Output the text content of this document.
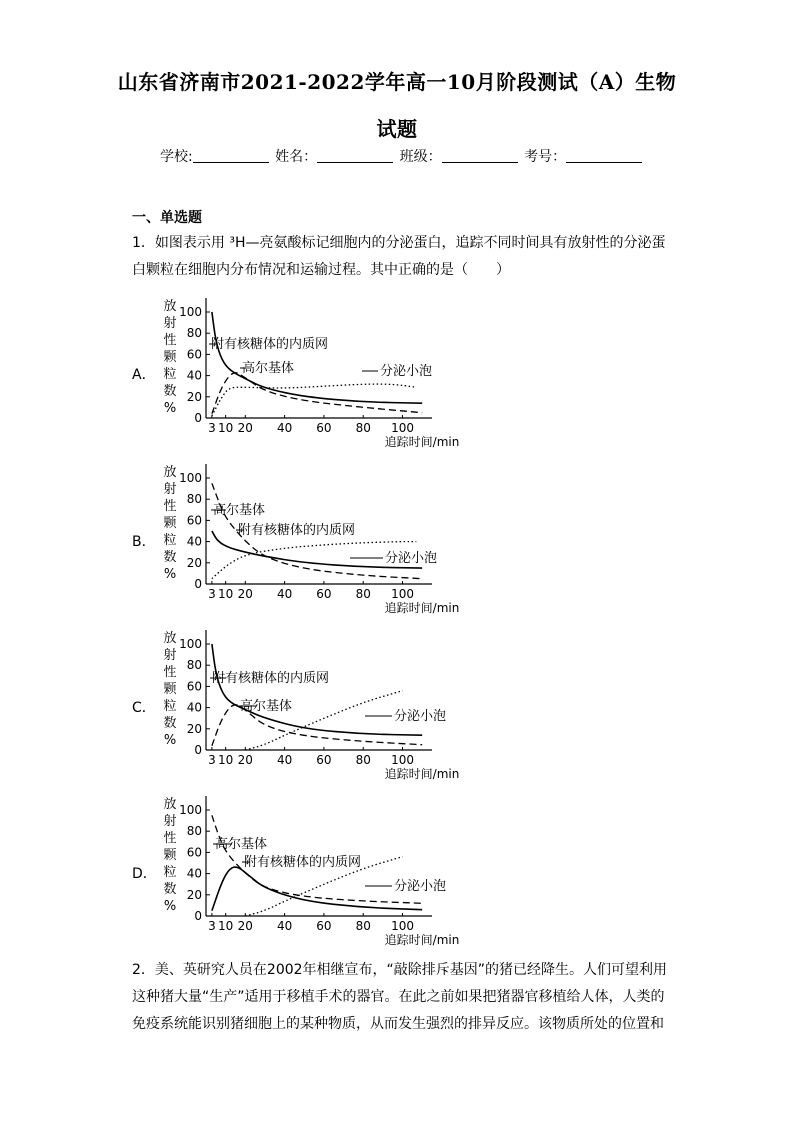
山东省济南市2021-2022学年高一10月阶段测试（A）生物
试题
学校:	姓名：	班级：	考号：
一、单选题

1．如图表示用 ³H—亮氨酸标记细胞内的分泌蛋白，追踪不同时间具有放射性的分泌蛋

白颗粒在细胞内分布情况和运输过程。其中正确的是（　　）

A．
放
射
性
颗
粒
数
%
100
80
60
40
20
0
3 10 20 40 60 80 100
追踪时间/min
附有核糖体的内质网
高尔基体	分泌小泡
B．
放
射
性
颗
粒
数
%
100
80
60
40
20
0
3 10 20 40 60 80 100
追踪时间/min
高尔基体
附有核糖体的内质网
分泌小泡
C．
放
射
性
颗
粒
数
%
100
80
60
40
20
0
3 10 20 40 60 80 100
追踪时间/min
附有核糖体的内质网
高尔基体
分泌小泡
D．
放
射
性
颗
粒
数
%
100
80
60
40
20
0
3 10 20 40 60 80 100
追踪时间/min
高尔基体
附有核糖体的内质网
分泌小泡

2．美、英研究人员在2002年相继宣布，“敲除排斥基因”的猪已经降生。人们可望利用

这种猪大量“生产”适用于移植手术的器官。在此之前如果把猪器官移植给人体，人类的

免疫系统能识别猪细胞上的某种物质，从而发生强烈的排异反应。该物质所处的位置和
